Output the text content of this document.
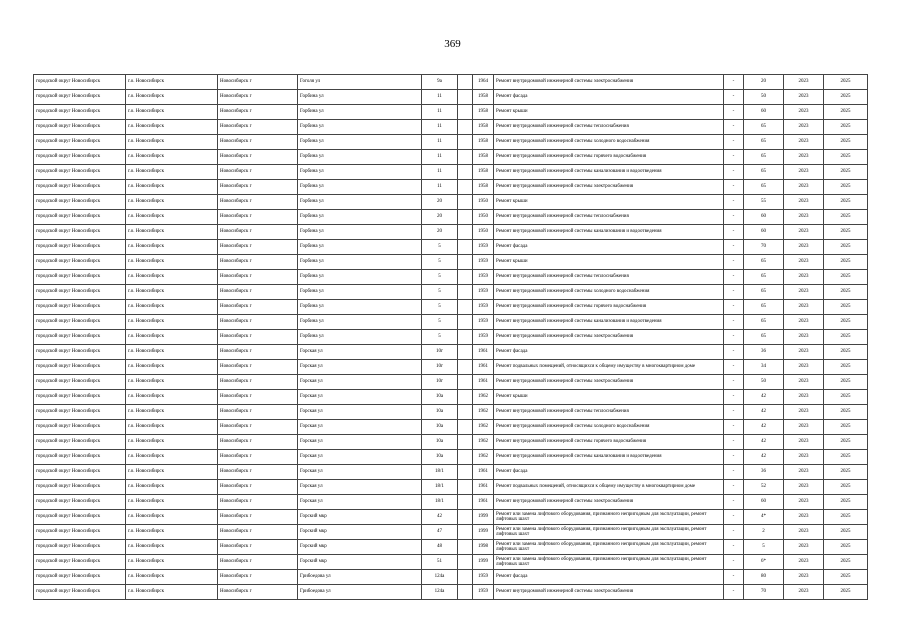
369
городской округ Новосибирск	г.о. Новосибирск	Новосибирск г	Гоголя ул	9а		1964	Ремонт внутридомовой инженерной системы электроснабжения	-	20	2023	2025
городской округ Новосибирск	г.о. Новосибирск	Новосибирск г	Горбина ул	11		1958	Ремонт фасада	-	50	2023	2025
городской округ Новосибирск	г.о. Новосибирск	Новосибирск г	Горбина ул	11		1958	Ремонт крыши	-	60	2023	2025
городской округ Новосибирск	г.о. Новосибирск	Новосибирск г	Горбина ул	11		1958	Ремонт внутридомовой инженерной системы теплоснабжения	-	65	2023	2025
городской округ Новосибирск	г.о. Новосибирск	Новосибирск г	Горбина ул	11		1958	Ремонт внутридомовой инженерной системы холодного водоснабжения	-	65	2023	2025
городской округ Новосибирск	г.о. Новосибирск	Новосибирск г	Горбина ул	11		1958	Ремонт внутридомовой инженерной системы горячего водоснабжения	-	65	2023	2025
городской округ Новосибирск	г.о. Новосибирск	Новосибирск г	Горбина ул	11		1958	Ремонт внутридомовой инженерной системы канализования и водоотведения	-	65	2023	2025
городской округ Новосибирск	г.о. Новосибирск	Новосибирск г	Горбина ул	11		1958	Ремонт внутридомовой инженерной системы электроснабжения	-	65	2023	2025
городской округ Новосибирск	г.о. Новосибирск	Новосибирск г	Горбина ул	20		1950	Ремонт крыши	-	55	2023	2025
городской округ Новосибирск	г.о. Новосибирск	Новосибирск г	Горбина ул	20		1950	Ремонт внутридомовой инженерной системы теплоснабжения	-	60	2023	2025
городской округ Новосибирск	г.о. Новосибирск	Новосибирск г	Горбина ул	20		1950	Ремонт внутридомовой инженерной системы канализования и водоотведения	-	60	2023	2025
городской округ Новосибирск	г.о. Новосибирск	Новосибирск г	Горбина ул	5		1959	Ремонт фасада	-	70	2023	2025
городской округ Новосибирск	г.о. Новосибирск	Новосибирск г	Горбина ул	5		1959	Ремонт крыши	-	65	2023	2025
городской округ Новосибирск	г.о. Новосибирск	Новосибирск г	Горбина ул	5		1959	Ремонт внутридомовой инженерной системы теплоснабжения	-	65	2023	2025
городской округ Новосибирск	г.о. Новосибирск	Новосибирск г	Горбина ул	5		1959	Ремонт внутридомовой инженерной системы холодного водоснабжения	-	65	2023	2025
городской округ Новосибирск	г.о. Новосибирск	Новосибирск г	Горбина ул	5		1959	Ремонт внутридомовой инженерной системы горячего водоснабжения	-	65	2023	2025
городской округ Новосибирск	г.о. Новосибирск	Новосибирск г	Горбина ул	5		1959	Ремонт внутридомовой инженерной системы канализования и водоотведения	-	65	2023	2025
городской округ Новосибирск	г.о. Новосибирск	Новосибирск г	Горбина ул	5		1959	Ремонт внутридомовой инженерной системы электроснабжения	-	65	2023	2025
городской округ Новосибирск	г.о. Новосибирск	Новосибирск г	Горская ул	10г		1961	Ремонт фасада	-	36	2023	2025
городской округ Новосибирск	г.о. Новосибирск	Новосибирск г	Горская ул	10г		1961	Ремонт подвальных помещений, относящихся к общему имуществу в многоквартирном доме	-	34	2023	2025
городской округ Новосибирск	г.о. Новосибирск	Новосибирск г	Горская ул	10г		1961	Ремонт внутридомовой инженерной системы электроснабжения	-	50	2023	2025
городской округ Новосибирск	г.о. Новосибирск	Новосибирск г	Горская ул	10а		1962	Ремонт крыши	-	42	2023	2025
городской округ Новосибирск	г.о. Новосибирск	Новосибирск г	Горская ул	10а		1962	Ремонт внутридомовой инженерной системы теплоснабжения	-	42	2023	2025
городской округ Новосибирск	г.о. Новосибирск	Новосибирск г	Горская ул	10а		1962	Ремонт внутридомовой инженерной системы холодного водоснабжения	-	42	2023	2025
городской округ Новосибирск	г.о. Новосибирск	Новосибирск г	Горская ул	10а		1962	Ремонт внутридомовой инженерной системы горячего водоснабжения	-	42	2023	2025
городской округ Новосибирск	г.о. Новосибирск	Новосибирск г	Горская ул	10а		1962	Ремонт внутридомовой инженерной системы канализования и водоотведения	-	42	2023	2025
городской округ Новосибирск	г.о. Новосибирск	Новосибирск г	Горская ул	18/1		1961	Ремонт фасада	-	36	2023	2025
городской округ Новосибирск	г.о. Новосибирск	Новосибирск г	Горская ул	18/1		1961	Ремонт подвальных помещений, относящихся к общему имуществу в многоквартирном доме	-	52	2023	2025
городской округ Новосибирск	г.о. Новосибирск	Новосибирск г	Горская ул	18/1		1961	Ремонт внутридомовой инженерной системы электроснабжения	-	60	2023	2025
городской округ Новосибирск	г.о. Новосибирск	Новосибирск г	Горский мкр	42		1999	Ремонт или замена лифтового оборудования, признанного непригодным для эксплуатации, ремонт лифтовых шахт	-	4*	2023	2025
городской округ Новосибирск	г.о. Новосибирск	Новосибирск г	Горский мкр	47		1999	Ремонт или замена лифтового оборудования, признанного непригодным для эксплуатации, ремонт лифтовых шахт	-	2	2023	2025
городской округ Новосибирск	г.о. Новосибирск	Новосибирск г	Горский мкр	48		1998	Ремонт или замена лифтового оборудования, признанного непригодным для эксплуатации, ремонт лифтовых шахт	-	5	2023	2025
городской округ Новосибирск	г.о. Новосибирск	Новосибирск г	Горский мкр	51		1999	Ремонт или замена лифтового оборудования, признанного непригодным для эксплуатации, ремонт лифтовых шахт	-	6*	2023	2025
городской округ Новосибирск	г.о. Новосибирск	Новосибирск г	Грибоедова ул	124а		1959	Ремонт фасада	-	80	2023	2025
городской округ Новосибирск	г.о. Новосибирск	Новосибирск г	Грибоедова ул	124а		1959	Ремонт внутридомовой инженерной системы электроснабжения	-	70	2023	2025
